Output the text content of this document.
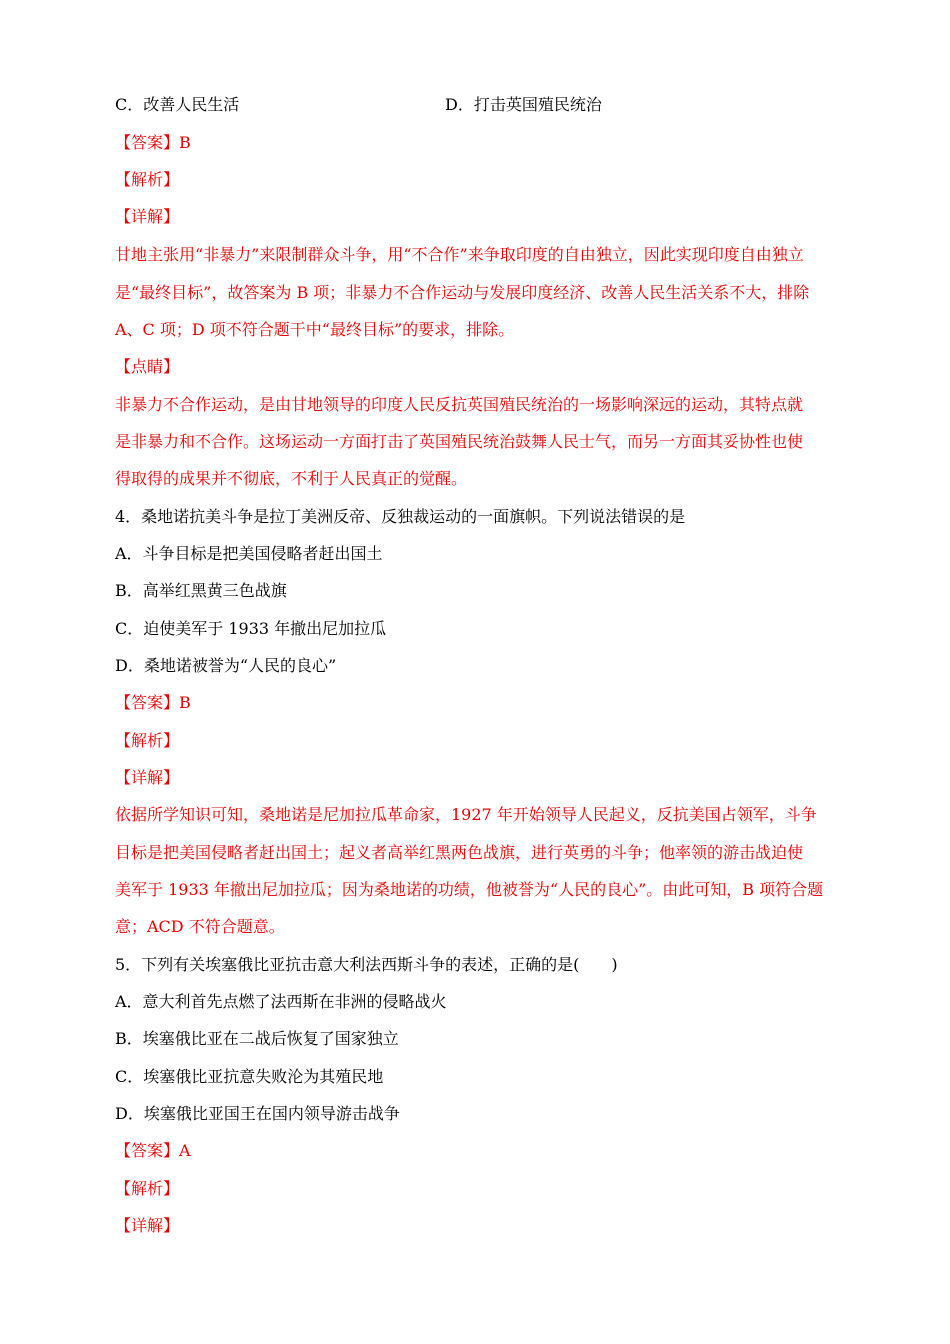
C．改善人民生活	D．打击英国殖民统治
【答案】B
【解析】
【详解】
甘地主张用“非暴力”来限制群众斗争，用“不合作”来争取印度的自由独立，因此实现印度自由独立
是“最终目标”，故答案为 B 项；非暴力不合作运动与发展印度经济、改善人民生活关系不大，排除
A、C 项；D 项不符合题干中“最终目标”的要求，排除。
【点睛】
非暴力不合作运动，是由甘地领导的印度人民反抗英国殖民统治的一场影响深远的运动，其特点就
是非暴力和不合作。这场运动一方面打击了英国殖民统治鼓舞人民士气，而另一方面其妥协性也使
得取得的成果并不彻底，不利于人民真正的觉醒。
4．桑地诺抗美斗争是拉丁美洲反帝、反独裁运动的一面旗帜。下列说法错误的是
A．斗争目标是把美国侵略者赶出国土
B．高举红黑黄三色战旗
C．迫使美军于 1933 年撤出尼加拉瓜
D．桑地诺被誉为“人民的良心”
【答案】B
【解析】
【详解】
依据所学知识可知，桑地诺是尼加拉瓜革命家，1927 年开始领导人民起义，反抗美国占领军，斗争
目标是把美国侵略者赶出国土；起义者高举红黑两色战旗，进行英勇的斗争；他率领的游击战迫使
美军于 1933 年撤出尼加拉瓜；因为桑地诺的功绩，他被誉为“人民的良心”。由此可知，B 项符合题
意；ACD 不符合题意。
5．下列有关埃塞俄比亚抗击意大利法西斯斗争的表述，正确的是(　　)
A．意大利首先点燃了法西斯在非洲的侵略战火
B．埃塞俄比亚在二战后恢复了国家独立
C．埃塞俄比亚抗意失败沦为其殖民地
D．埃塞俄比亚国王在国内领导游击战争
【答案】A
【解析】
【详解】
